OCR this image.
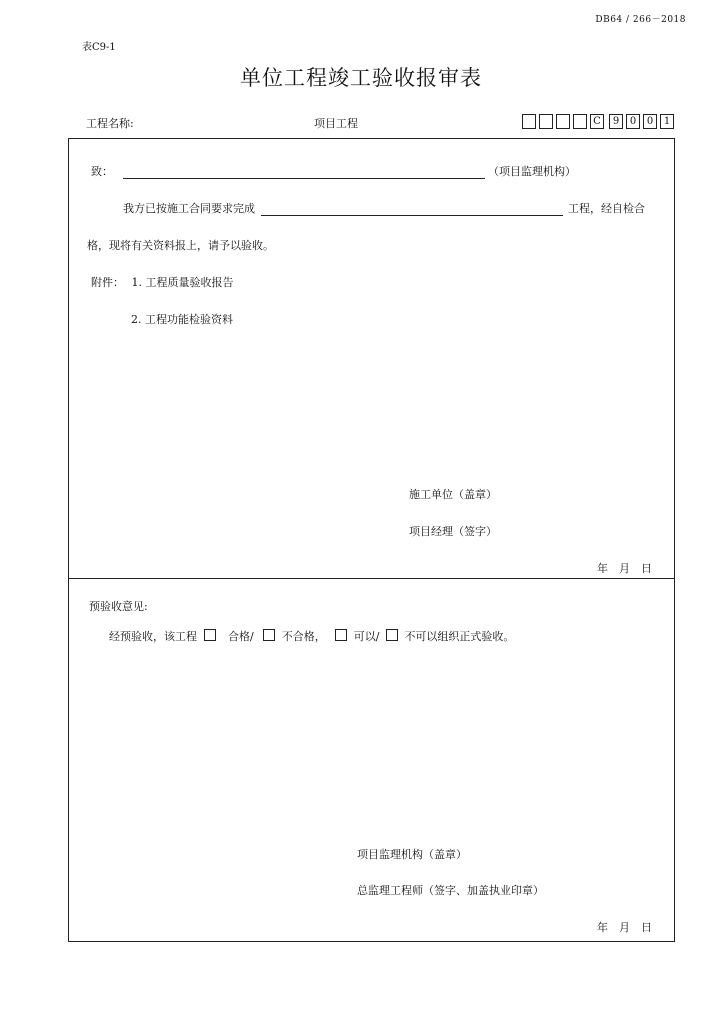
DB64 / 266－2018
表C9-1
单位工程竣工验收报审表
工程名称:	项目工程	C	9	0	0	1
致：	（项目监理机构）
我方已按施工合同要求完成	工程，经自检合
格，现将有关资料报上，请予以验收。
附件： 1. 工程质量验收报告
2. 工程功能检验资料
施工单位（盖章）
项目经理（签字）
年　月　日
预验收意见:
经预验收，该工程	合格/	不合格，	可以/ 不可以组织正式验收。
项目监理机构（盖章）
总监理工程师（签字、加盖执业印章）
年　月　日
